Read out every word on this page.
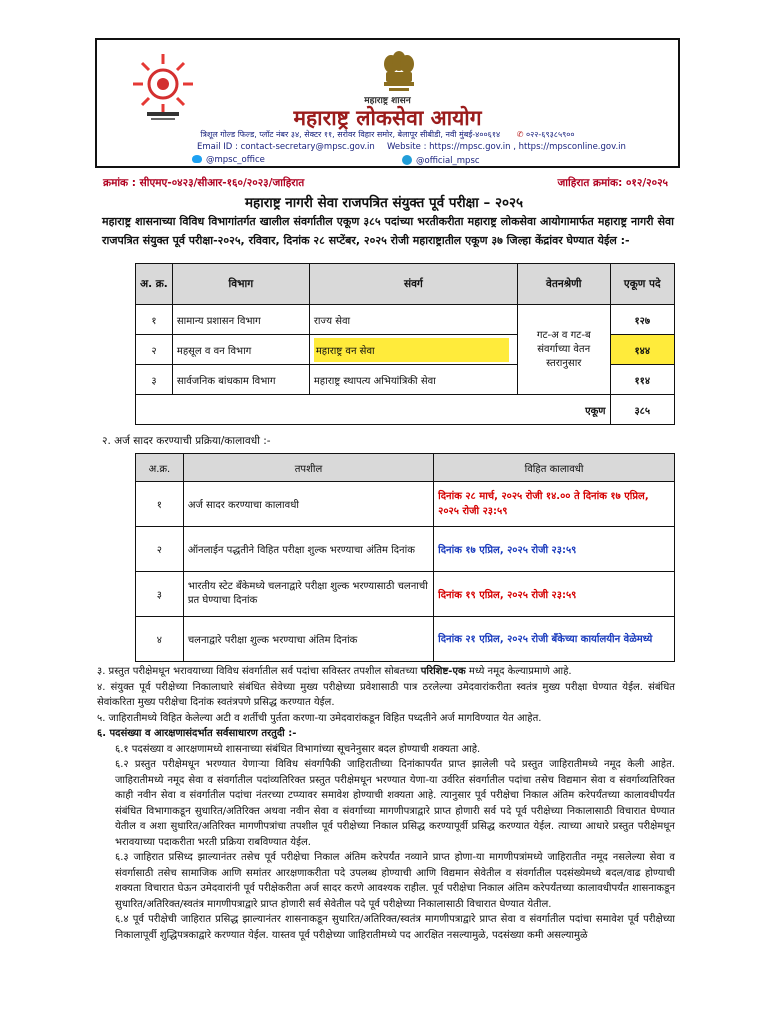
महाराष्ट्र शासन
महाराष्ट्र लोकसेवा आयोग
त्रिशूल गोल्ड फिल्ड, प्लॉट नंबर ३४, सेक्टर ११, सरोवर विहार समोर, बेलापूर सीबीडी, नवी मुंबई-४००६१४ ✆ ०२२-६९३८५९००
Email ID : contact-secretary@mpsc.gov.in Website : https://mpsc.gov.in , https://mpsconline.gov.in
@mpsc_office	@official_mpsc
क्रमांक : सीएमए-०४२३/सीआर-१६०/२०२३/जाहिरात	जाहिरात क्रमांक: ०१२/२०२५
महाराष्ट्र नागरी सेवा राजपत्रित संयुक्त पूर्व परीक्षा – २०२५
महाराष्ट्र शासनाच्या विविध विभागांतर्गत खालील संवर्गातील एकूण ३८५ पदांच्या भरतीकरीता महाराष्ट्र लोकसेवा आयोगामार्फत महाराष्ट्र नागरी सेवा राजपत्रित संयुक्त पूर्व परीक्षा-२०२५, रविवार, दिनांक २८ सप्टेंबर, २०२५ रोजी महाराष्ट्रातील एकूण ३७ जिल्हा केंद्रांवर घेण्यात येईल :-
अ. क्र.	विभाग	संवर्ग	वेतनश्रेणी	एकूण पदे
१	सामान्य प्रशासन विभाग	राज्य सेवा	गट-अ व गट-ब संवर्गाच्या वेतन स्तरानुसार	१२७
२	महसूल व वन विभाग	महाराष्ट्र वन सेवा		१४४
३	सार्वजनिक बांधकाम विभाग	महाराष्ट्र स्थापत्य अभियांत्रिकी सेवा		११४
एकूण				३८५
२. अर्ज सादर करण्याची प्रक्रिया/कालावधी :-
अ.क्र.	तपशील	विहित कालावधी
१	अर्ज सादर करण्याचा कालावधी	दिनांक २८ मार्च, २०२५ रोजी १४.०० ते दिनांक १७ एप्रिल, २०२५ रोजी २३:५९
२	ऑनलाईन पद्धतीने विहित परीक्षा शुल्क भरण्याचा अंतिम दिनांक	दिनांक १७ एप्रिल, २०२५ रोजी २३:५९
३	भारतीय स्टेट बँकेमध्ये चलनाद्वारे परीक्षा शुल्क भरण्यासाठी चलनाची प्रत घेण्याचा दिनांक	दिनांक १९ एप्रिल, २०२५ रोजी २३:५९
४	चलनाद्वारे परीक्षा शुल्क भरण्याचा अंतिम दिनांक	दिनांक २१ एप्रिल, २०२५ रोजी बँकेच्या कार्यालयीन वेळेमध्ये

३. प्रस्तुत परीक्षेमधून भरावयाच्या विविध संवर्गातील सर्व पदांचा सविस्तर तपशील सोबतच्या परिशिष्ट-एक मध्ये नमूद केल्याप्रमाणे आहे.

४. संयुक्त पूर्व परीक्षेच्या निकालाधारे संबंधित सेवेच्या मुख्य परीक्षेच्या प्रवेशासाठी पात्र ठरलेल्या उमेदवारांकरीता स्वतंत्र मुख्य परीक्षा घेण्यात येईल. संबंधित सेवांकरिता मुख्य परीक्षेचा दिनांक स्वतंत्रपणे प्रसिद्ध करण्यात येईल.

५. जाहिरातीमध्ये विहित केलेल्या अटी व शर्तीची पुर्तता करणा-या उमेदवारांकडून विहित पध्दतीने अर्ज मागविण्यात येत आहेत.

६. पदसंख्या व आरक्षणासंदर्भात सर्वसाधारण तरतुदी :-

६.१ पदसंख्या व आरक्षणामध्ये शासनाच्या संबंधित विभागांच्या सूचनेनुसार बदल होण्याची शक्यता आहे.

६.२ प्रस्तुत परीक्षेमधून भरण्यात येणाऱ्या विविध संवर्गापैकी जाहिरातीच्या दिनांकापर्यंत प्राप्त झालेली पदे प्रस्तुत जाहिरातीमध्ये नमूद केली आहेत. जाहिरातीमध्ये नमूद सेवा व संवर्गातील पदांव्यतिरिक्त प्रस्तुत परीक्षेमधून भरण्यात येणा-या उर्वरित संवर्गातील पदांचा तसेच विद्यमान सेवा व संवर्गाव्यतिरिक्त काही नवीन सेवा व संवर्गातील पदांचा नंतरच्या टप्प्यावर समावेश होण्याची शक्यता आहे. त्यानुसार पूर्व परीक्षेचा निकाल अंतिम करेपर्यंतच्या कालावधीपर्यंत संबंधित विभागाकडून सुधारित/अतिरिक्त अथवा नवीन सेवा व संवर्गाच्या मागणीपत्राद्वारे प्राप्त होणारी सर्व पदे पूर्व परीक्षेच्या निकालासाठी विचारात घेण्यात येतील व अशा सुधारित/अतिरिक्त मागणीपत्रांचा तपशील पूर्व परीक्षेच्या निकाल प्रसिद्ध करण्यापूर्वी प्रसिद्ध करण्यात येईल. त्याच्या आधारे प्रस्तुत परीक्षेमधून भरावयाच्या पदाकरीता भरती प्रक्रिया राबविण्यात येईल.

६.३ जाहिरात प्रसिध्द झाल्यानंतर तसेच पूर्व परीक्षेचा निकाल अंतिम करेपर्यंत नव्याने प्राप्त होणा-या मागणीपत्रांमध्ये जाहिरातीत नमूद नसलेल्या सेवा व संवर्गासाठी तसेच सामाजिक आणि समांतर आरक्षणाकरीता पदे उपलब्ध होण्याची आणि विद्यमान सेवेतील व संवर्गातील पदसंख्येमध्ये बदल/वाढ होण्याची शक्यता विचारात घेऊन उमेदवारांनी पूर्व परीक्षेकरीता अर्ज सादर करणे आवश्यक राहील. पूर्व परीक्षेचा निकाल अंतिम करेपर्यंतच्या कालावधीपर्यंत शासनाकडून सुधारित/अतिरिक्त/स्वतंत्र मागणीपत्राद्वारे प्राप्त होणारी सर्व सेवेतील पदे पूर्व परीक्षेच्या निकालासाठी विचारात घेण्यात येतील.

६.४ पूर्व परीक्षेची जाहिरात प्रसिद्ध झाल्यानंतर शासनाकडून सुधारित/अतिरिक्त/स्वतंत्र मागणीपत्राद्वारे प्राप्त सेवा व संवर्गातील पदांचा समावेश पूर्व परीक्षेच्या निकालापूर्वी शुद्धिपत्रकाद्वारे करण्यात येईल. यास्तव पूर्व परीक्षेच्या जाहिरातीमध्ये पद आरक्षित नसल्यामुळे, पदसंख्या कमी असल्यामुळे
